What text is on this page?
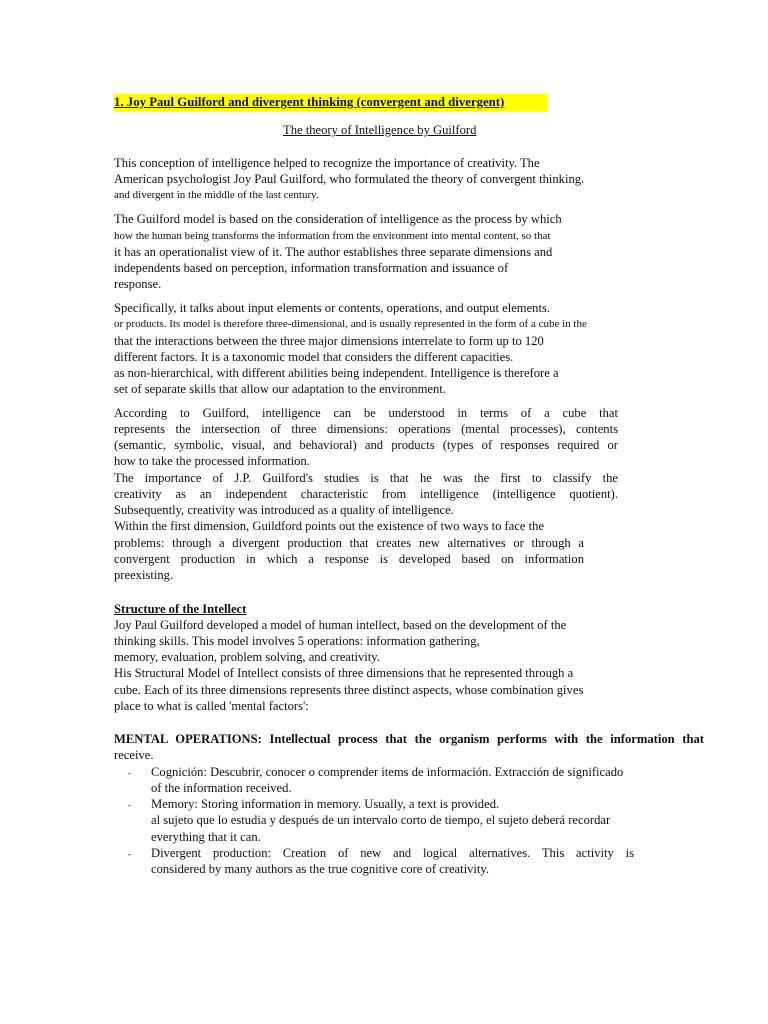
1. Joy Paul Guilford and divergent thinking (convergent and divergent)
The theory of Intelligence by Guilford
This conception of intelligence helped to recognize the importance of creativity. The
American psychologist Joy Paul Guilford, who formulated the theory of convergent thinking.
and divergent in the middle of the last century.
The Guilford model is based on the consideration of intelligence as the process by which
how the human being transforms the information from the environment into mental content, so that
it has an operationalist view of it. The author establishes three separate dimensions and
independents based on perception, information transformation and issuance of
response.
Specifically, it talks about input elements or contents, operations, and output elements.
or products. Its model is therefore three-dimensional, and is usually represented in the form of a cube in the
that the interactions between the three major dimensions interrelate to form up to 120
different factors. It is a taxonomic model that considers the different capacities.
as non-hierarchical, with different abilities being independent. Intelligence is therefore a
set of separate skills that allow our adaptation to the environment.
According to Guilford, intelligence can be understood in terms of a cube that
represents the intersection of three dimensions: operations (mental processes), contents
(semantic, symbolic, visual, and behavioral) and products (types of responses required or
how to take the processed information.
The importance of J.P. Guilford's studies is that he was the first to classify the
creativity as an independent characteristic from intelligence (intelligence quotient).
Subsequently, creativity was introduced as a quality of intelligence.
Within the first dimension, Guildford points out the existence of two ways to face the
problems: through a divergent production that creates new alternatives or through a
convergent production in which a response is developed based on information
preexisting.
Structure of the Intellect
Joy Paul Guilford developed a model of human intellect, based on the development of the
thinking skills. This model involves 5 operations: information gathering,
memory, evaluation, problem solving, and creativity.
His Structural Model of Intellect consists of three dimensions that he represented through a
cube. Each of its three dimensions represents three distinct aspects, whose combination gives
place to what is called 'mental factors':
MENTAL OPERATIONS: Intellectual process that the organism performs with the information that
receive.
- Cognición: Descubrir, conocer o comprender ítems de información. Extracción de significado
of the information received.
- Memory: Storing information in memory. Usually, a text is provided.
al sujeto que lo estudia y después de un intervalo corto de tiempo, el sujeto deberá recordar
everything that it can.
- Divergent production: Creation of new and logical alternatives. This activity is
considered by many authors as the true cognitive core of creativity.
